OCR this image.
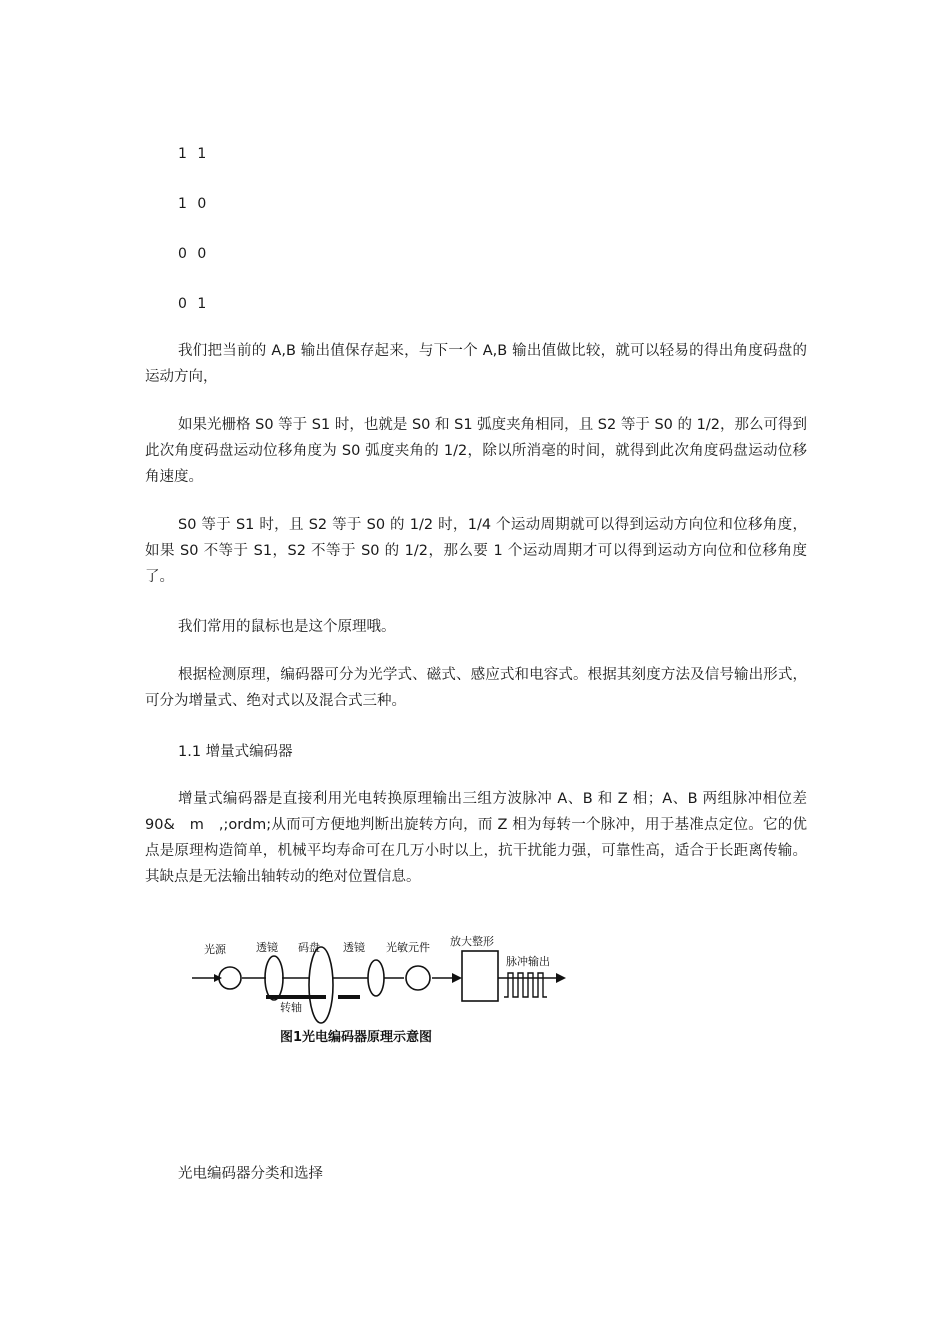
1 1
1 0
0 0
0 1

我们把当前的 A,B 输出值保存起来，与下一个 A,B 输出值做比较，就可以轻易的得出角度码盘的运动方向，

如果光栅格 S0 等于 S1 时，也就是 S0 和 S1 弧度夹角相同，且 S2 等于 S0 的 1/2，那么可得到此次角度码盘运动位移角度为 S0 弧度夹角的 1/2，除以所消毫的时间，就得到此次角度码盘运动位移角速度。

S0 等于 S1 时，且 S2 等于 S0 的 1/2 时，1/4 个运动周期就可以得到运动方向位和位移角度，如果 S0 不等于 S1，S2 不等于 S0 的 1/2，那么要 1 个运动周期才可以得到运动方向位和位移角度了。

我们常用的鼠标也是这个原理哦。

根据检测原理，编码器可分为光学式、磁式、感应式和电容式。根据其刻度方法及信号输出形式，可分为增量式、绝对式以及混合式三种。

1.1 增量式编码器

增量式编码器是直接利用光电转换原理输出三组方波脉冲 A、B 和 Z 相；A、B 两组脉冲相位差 90&　m　,;ordm;从而可方便地判断出旋转方向，而 Z 相为每转一个脉冲，用于基准点定位。它的优点是原理构造简单，机械平均寿命可在几万小时以上，抗干扰能力强，可靠性高，适合于长距离传输。其缺点是无法输出轴转动的绝对位置信息。

光源	透镜 码盘 透镜 光敏元件 放大整形
脉冲输出
转轴
图1光电编码器原理示意图
光电编码器分类和选择
